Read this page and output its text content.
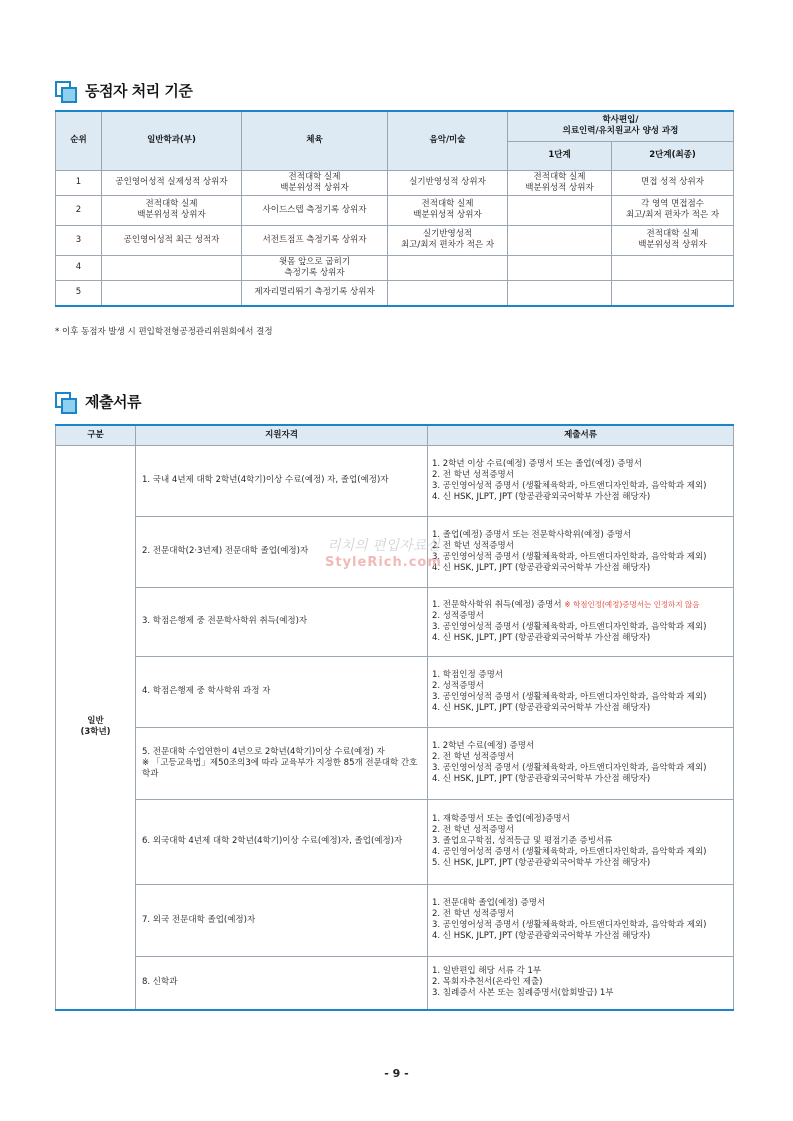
동점자 처리 기준
순위	일반학과(부)	체육	음악/미술	학사편입/
의료인력/유치원교사 양성 과정	

				1단계	2단계(최종)
1	공인영어성적 실제성적 상위자	전적대학 실제
백분위성적 상위자	실기반영성적 상위자	전적대학 실제
백분위성적 상위자	면접 성적 상위자

2	전적대학 실제
백분위성적 상위자	사이드스텝 측정기록 상위자	전적대학 실제
백분위성적 상위자		각 영역 면접점수
최고/최저 편차가 적은 자

3	공인영어성적 최근 성적자	서전트점프 측정기록 상위자	실기반영성적
최고/최저 편차가 적은 자		전적대학 실제
백분위성적 상위자

4		윗몸 앞으로 굽히기
측정기록 상위자			

5		제자리멀리뛰기 측정기록 상위자			

* 이후 동점자 발생 시 편입학전형공정관리위원회에서 결정
제출서류
구분	지원자격	제출서류

일반
(3학년)	1. 국내 4년제 대학 2학년(4학기)이상 수료(예정) 자, 졸업(예정)자	1. 2학년 이상 수료(예정) 증명서 또는 졸업(예정) 증명서
2. 전 학년 성적증명서
3. 공인영어성적 증명서 (생활체육학과, 아트앤디자인학과, 음악학과 제외)
4. 신 HSK, JLPT, JPT (항공관광외국어학부 가산점 해당자)

	2. 전문대학(2·3년제) 전문대학 졸업(예정)자	1. 졸업(예정) 증명서 또는 전문학사학위(예정) 증명서
2. 전 학년 성적증명서
3. 공인영어성적 증명서 (생활체육학과, 아트앤디자인학과, 음악학과 제외)
4. 신 HSK, JLPT, JPT (항공관광외국어학부 가산점 해당자)

	3. 학점은행제 중 전문학사학위 취득(예정)자	1. 전문학사학위 취득(예정) 증명서 ※ 학점인정(예정)증명서는 인정하지 않음
2. 성적증명서
3. 공인영어성적 증명서 (생활체육학과, 아트앤디자인학과, 음악학과 제외)
4. 신 HSK, JLPT, JPT (항공관광외국어학부 가산점 해당자)

	4. 학점은행제 중 학사학위 과정 자	1. 학점인정 증명서
2. 성적증명서
3. 공인영어성적 증명서 (생활체육학과, 아트앤디자인학과, 음악학과 제외)
4. 신 HSK, JLPT, JPT (항공관광외국어학부 가산점 해당자)

	5. 전문대학 수업연한이 4년으로 2학년(4학기)이상 수료(예정) 자
※ 「고등교육법」제50조의3에 따라 교육부가 지정한 85개 전문대학 간호학과	1. 2학년 수료(예정) 증명서
2. 전 학년 성적증명서
3. 공인영어성적 증명서 (생활체육학과, 아트앤디자인학과, 음악학과 제외)
4. 신 HSK, JLPT, JPT (항공관광외국어학부 가산점 해당자)

	6. 외국대학 4년제 대학 2학년(4학기)이상 수료(예정)자, 졸업(예정)자	1. 재학증명서 또는 졸업(예정)증명서
2. 전 학년 성적증명서
3. 졸업요구학점, 성적등급 및 평점기준 증빙서류
4. 공인영어성적 증명서 (생활체육학과, 아트앤디자인학과, 음악학과 제외)
5. 신 HSK, JLPT, JPT (항공관광외국어학부 가산점 해당자)

	7. 외국 전문대학 졸업(예정)자	1. 전문대학 졸업(예정) 증명서
2. 전 학년 성적증명서
3. 공인영어성적 증명서 (생활체육학과, 아트앤디자인학과, 음악학과 제외)
4. 신 HSK, JLPT, JPT (항공관광외국어학부 가산점 해당자)

	8. 신학과	1. 일반편입 해당 서류 각 1부
2. 목회자추천서(온라인 제출)
3. 침례증서 사본 또는 침례증명서(합회발급) 1부
리치의 편입자료실
StyleRich.com
- 9 -
